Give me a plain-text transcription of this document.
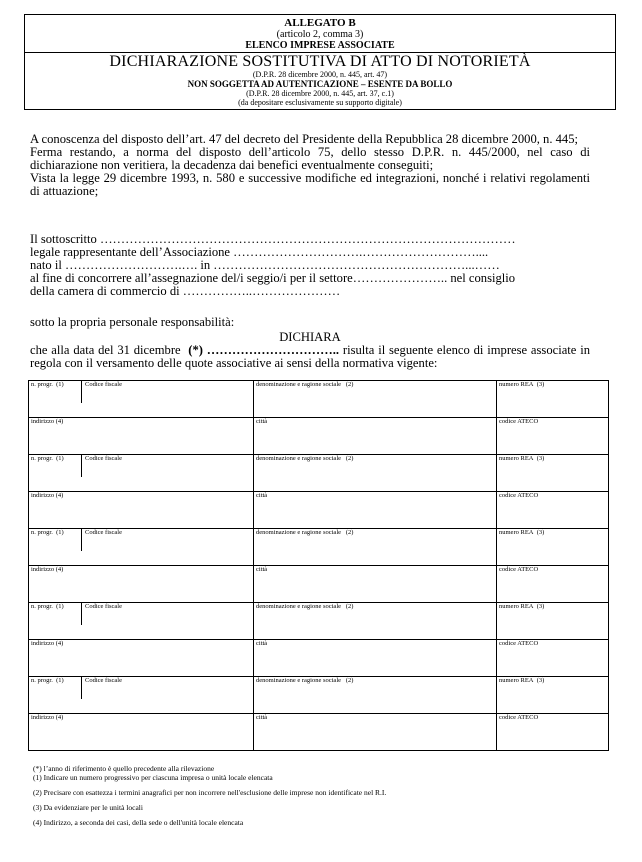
ALLEGATO B
(articolo 2, comma 3)
ELENCO IMPRESE ASSOCIATE
DICHIARAZIONE SOSTITUTIVA DI ATTO DI NOTORIETÀ
(D.P.R. 28 dicembre 2000, n. 445, art. 47)
NON SOGGETTA AD AUTENTICAZIONE – ESENTE DA BOLLO
(D.P.R. 28 dicembre 2000, n. 445, art. 37, c.1)
(da depositare esclusivamente su supporto digitale)
A conoscenza del disposto dell’art. 47 del decreto del Presidente della Repubblica 28 dicembre 2000, n. 445;
Ferma restando, a norma del disposto dell’articolo 75, dello stesso D.P.R. n. 445/2000, nel caso di dichiarazione non veritiera, la decadenza dai benefici eventualmente conseguiti;
Vista la legge 29 dicembre 1993, n. 580 e successive modifiche ed integrazioni, nonché i relativi regolamenti di attuazione;
Il sottoscritto ………………………………………………………………………………………
legale rappresentante dell’Associazione ………………………….………………………....
nato il ……………………….…. in ……………………………………………………...……
al fine di concorrere all’assegnazione del/i seggio/i per il settore………………….. nel consiglio
della camera di commercio di ……………..…………………
sotto la propria personale responsabilità:
DICHIARA
che alla data del 31 dicembre (*) ………………………….. risulta il seguente elenco di imprese associate in regola con il versamento delle quote associative ai sensi della normativa vigente:
n. progr. (1) Codice fiscale	denominazione e ragione sociale (2)	numero REA (3)
indirizzo (4)	città	codice ATECO

n. progr. (1) Codice fiscale	denominazione e ragione sociale (2)	numero REA (3)
indirizzo (4)	città	codice ATECO

n. progr. (1) Codice fiscale	denominazione e ragione sociale (2)	numero REA (3)
indirizzo (4)	città	codice ATECO

n. progr. (1) Codice fiscale	denominazione e ragione sociale (2)	numero REA (3)
indirizzo (4)	città	codice ATECO

n. progr. (1) Codice fiscale	denominazione e ragione sociale (2)	numero REA (3)
indirizzo (4)	città	codice ATECO
(*) l’anno di riferimento è quello precedente alla rilevazione
(1) Indicare un numero progressivo per ciascuna impresa o unità locale elencata
(2) Precisare con esattezza i termini anagrafici per non incorrere nell'esclusione delle imprese non identificate nel R.I.
(3) Da evidenziare per le unità locali
(4) Indirizzo, a seconda dei casi, della sede o dell'unità locale elencata
